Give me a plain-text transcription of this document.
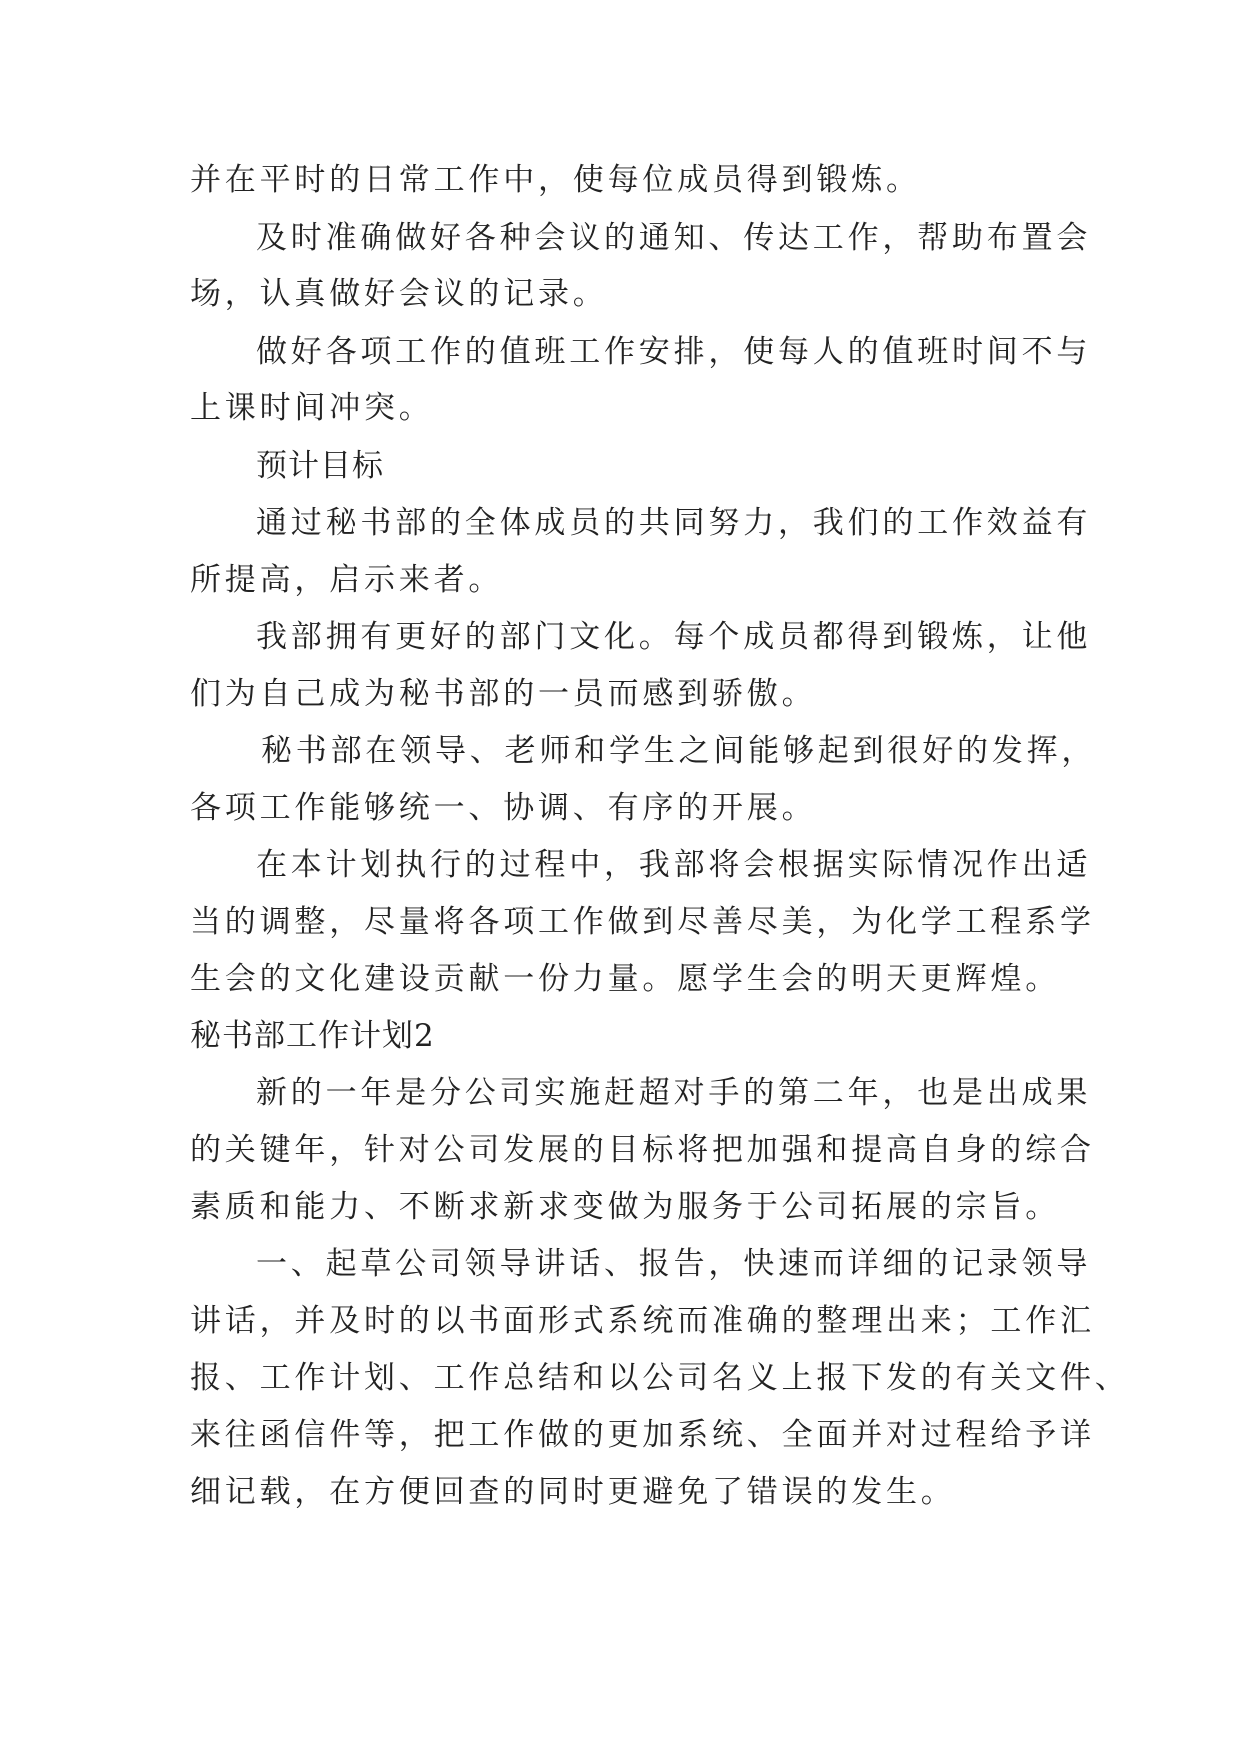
并在平时的日常工作中，使每位成员得到锻炼。
及时准确做好各种会议的通知、传达工作，帮助布置会
场，认真做好会议的记录。
做好各项工作的值班工作安排，使每人的值班时间不与
上课时间冲突。
预计目标
通过秘书部的全体成员的共同努力，我们的工作效益有
所提高，启示来者。
我部拥有更好的部门文化。每个成员都得到锻炼，让他
们为自己成为秘书部的一员而感到骄傲。
秘书部在领导、老师和学生之间能够起到很好的发挥，
各项工作能够统一、协调、有序的开展。
在本计划执行的过程中，我部将会根据实际情况作出适
当的调整，尽量将各项工作做到尽善尽美，为化学工程系学
生会的文化建设贡献一份力量。愿学生会的明天更辉煌。
秘书部工作计划2
新的一年是分公司实施赶超对手的第二年，也是出成果
的关键年，针对公司发展的目标将把加强和提高自身的综合
素质和能力、不断求新求变做为服务于公司拓展的宗旨。
一、起草公司领导讲话、报告，快速而详细的记录领导
讲话，并及时的以书面形式系统而准确的整理出来；工作汇
报、工作计划、工作总结和以公司名义上报下发的有关文件、
来往函信件等，把工作做的更加系统、全面并对过程给予详
细记载，在方便回查的同时更避免了错误的发生。
